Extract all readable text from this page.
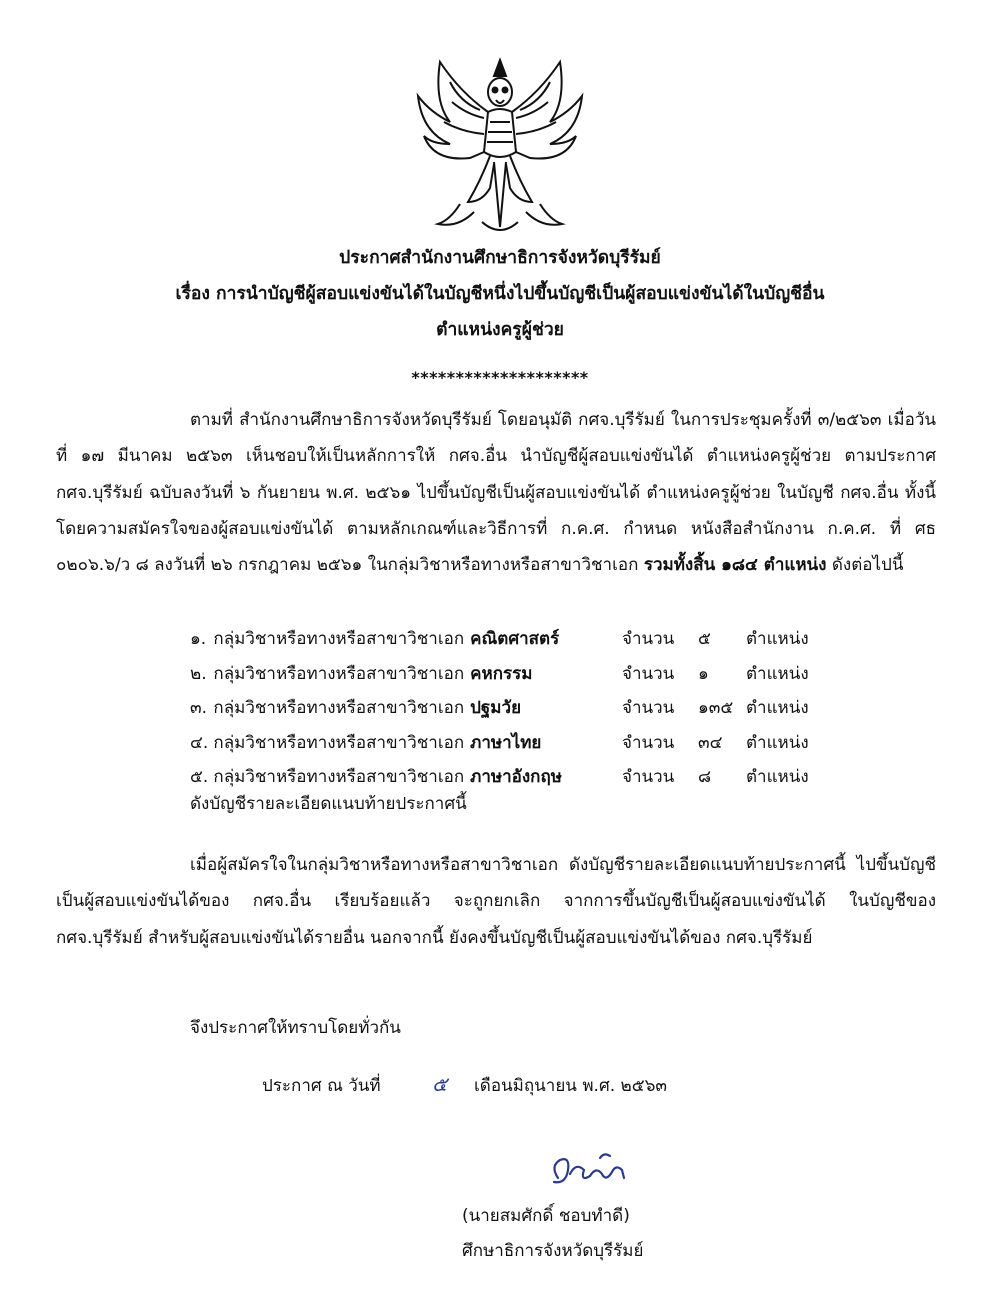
ประกาศสำนักงานศึกษาธิการจังหวัดบุรีรัมย์
เรื่อง การนำบัญชีผู้สอบแข่งขันได้ในบัญชีหนึ่งไปขึ้นบัญชีเป็นผู้สอบแข่งขันได้ในบัญชีอื่น
ตำแหน่งครูผู้ช่วย
********************

ตามที่ สำนักงานศึกษาธิการจังหวัดบุรีรัมย์ โดยอนุมัติ กศจ.บุรีรัมย์ ในการประชุมครั้งที่ ๓/๒๕๖๓ เมื่อวันที่ ๑๗ มีนาคม ๒๕๖๓ เห็นชอบให้เป็นหลักการให้ กศจ.อื่น นำบัญชีผู้สอบแข่งขันได้ ตำแหน่งครูผู้ช่วย ตามประกาศ กศจ.บุรีรัมย์ ฉบับลงวันที่ ๖ กันยายน พ.ศ. ๒๕๖๑ ไปขึ้นบัญชีเป็นผู้สอบแข่งขันได้ ตำแหน่งครูผู้ช่วย ในบัญชี กศจ.อื่น ทั้งนี้ โดยความสมัครใจของผู้สอบแข่งขันได้ ตามหลักเกณฑ์และวิธีการที่ ก.ค.ศ. กำหนด หนังสือสำนักงาน ก.ค.ศ. ที่ ศธ ๐๒๐๖.๖/ว ๘ ลงวันที่ ๒๖ กรกฎาคม ๒๕๖๑ ในกลุ่มวิชาหรือทางหรือสาขาวิชาเอก รวมทั้งสิ้น ๑๘๔ ตำแหน่ง ดังต่อไปนี้

๑. กลุ่มวิชาหรือทางหรือสาขาวิชาเอก คณิตศาสตร์	จำนวน ๕ ตำแหน่ง
๒. กลุ่มวิชาหรือทางหรือสาขาวิชาเอก คหกรรม	จำนวน ๑ ตำแหน่ง
๓. กลุ่มวิชาหรือทางหรือสาขาวิชาเอก ปฐมวัย	จำนวน ๑๓๕ ตำแหน่ง
๔. กลุ่มวิชาหรือทางหรือสาขาวิชาเอก ภาษาไทย	จำนวน ๓๔ ตำแหน่ง
๕. กลุ่มวิชาหรือทางหรือสาขาวิชาเอก ภาษาอังกฤษ	จำนวน ๘ ตำแหน่ง
ดังบัญชีรายละเอียดแนบท้ายประกาศนี้

เมื่อผู้สมัครใจในกลุ่มวิชาหรือทางหรือสาขาวิชาเอก ดังบัญชีรายละเอียดแนบท้ายประกาศนี้ ไปขึ้นบัญชีเป็นผู้สอบแข่งขันได้ของ กศจ.อื่น เรียบร้อยแล้ว จะถูกยกเลิก จากการขึ้นบัญชีเป็นผู้สอบแข่งขันได้ ในบัญชีของ กศจ.บุรีรัมย์ สำหรับผู้สอบแข่งขันได้รายอื่น นอกจากนี้ ยังคงขึ้นบัญชีเป็นผู้สอบแข่งขันได้ของ กศจ.บุรีรัมย์

จึงประกาศให้ทราบโดยทั่วกัน
ประกาศ ณ วันที่	๕ เดือนมิถุนายน พ.ศ. ๒๕๖๓
(นายสมศักดิ์ ชอบทำดี)
ศึกษาธิการจังหวัดบุรีรัมย์
